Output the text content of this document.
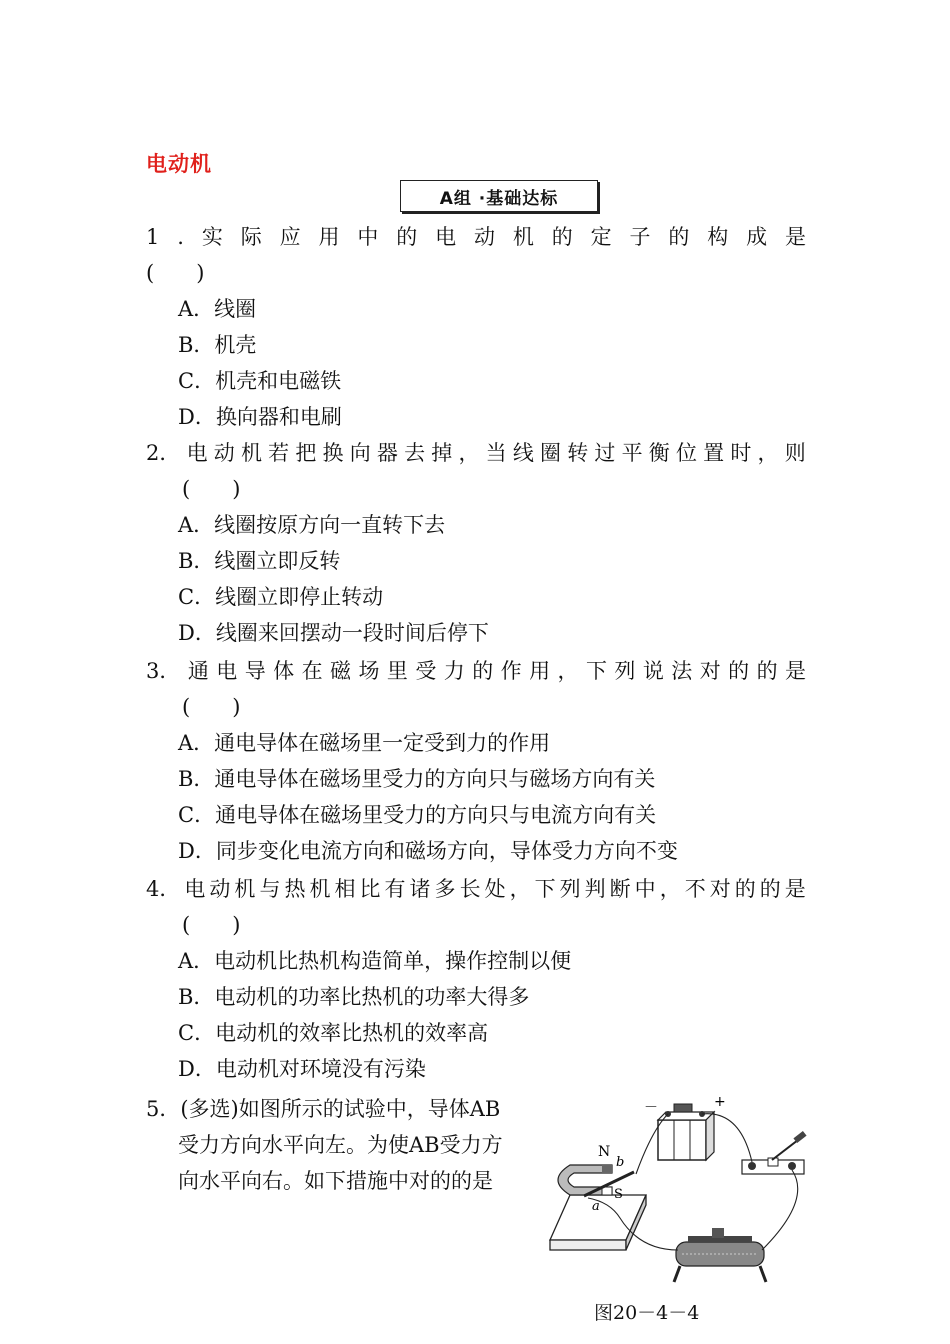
电动机
A组 ·基础达标
1 . 实 际 应 用 中 的 电 动 机 的 定 子 的 构 成 是
(　　)
A．线圈
B．机壳
C．机壳和电磁铁
D．换向器和电刷
2． 电 动 机 若 把 换 向 器 去 掉 ， 当 线 圈 转 过 平 衡 位 置 时 ， 则
(　　)
A．线圈按原方向一直转下去
B．线圈立即反转
C．线圈立即停止转动
D．线圈来回摆动一段时间后停下
3． 通 电 导 体 在 磁 场 里 受 力 的 作 用 ， 下 列 说 法 对 的 的 是
(　　)
A．通电导体在磁场里一定受到力的作用
B．通电导体在磁场里受力的方向只与磁场方向有关
C．通电导体在磁场里受力的方向只与电流方向有关
D．同步变化电流方向和磁场方向，导体受力方向不变
4． 电 动 机 与 热 机 相 比 有 诸 多 长 处 ， 下 列 判 断 中 ， 不 对 的 的 是
(　　)
A．电动机比热机构造简单，操作控制以便
B．电动机的功率比热机的功率大得多
C．电动机的效率比热机的效率高
D．电动机对环境没有污染
5．(多选)如图所示的试验中，导体AB
受力方向水平向左。为使AB受力方
向水平向右。如下措施中对的的是
－	+
N
S
a
b
图20－4－4
